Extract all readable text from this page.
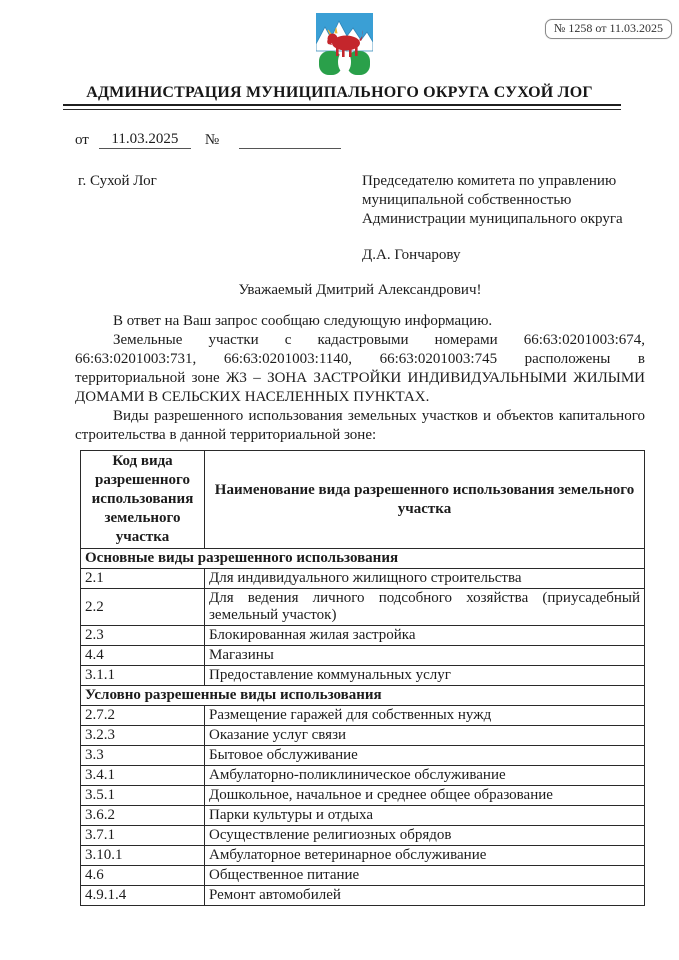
№ 1258 от 11.03.2025
АДМИНИСТРАЦИЯ МУНИЦИПАЛЬНОГО ОКРУГА СУХОЙ ЛОГ
от	11.03.2025	№
г. Сухой Лог	Председателю комитета по управлению
муниципальной собственностью
Администрации муниципального округа
Д.А. Гончарову
Уважаемый Дмитрий Александрович!

В ответ на Ваш запрос сообщаю следующую информацию.

Земельные участки с кадастровыми номерами 66:63:0201003:674, 66:63:0201003:731, 66:63:0201003:1140, 66:63:0201003:745 расположены в территориальной зоне Ж3 – ЗОНА ЗАСТРОЙКИ ИНДИВИДУАЛЬНЫМИ ЖИЛЫМИ ДОМАМИ В СЕЛЬСКИХ НАСЕЛЕННЫХ ПУНКТАХ.

Виды разрешенного использования земельных участков и объектов капитального строительства в данной территориальной зоне:

Код вида разрешенного использования земельного участка	Наименование вида разрешенного использования земельного участка
Основные виды разрешенного использования	
2.1	Для индивидуального жилищного строительства
2.2	Для ведения личного подсобного хозяйства (приусадебный земельный участок)
2.3	Блокированная жилая застройка
4.4	Магазины
3.1.1	Предоставление коммунальных услуг
Условно разрешенные виды использования	
2.7.2	Размещение гаражей для собственных нужд
3.2.3	Оказание услуг связи
3.3	Бытовое обслуживание
3.4.1	Амбулаторно-поликлиническое обслуживание
3.5.1	Дошкольное, начальное и среднее общее образование
3.6.2	Парки культуры и отдыха
3.7.1	Осуществление религиозных обрядов
3.10.1	Амбулаторное ветеринарное обслуживание
4.6	Общественное питание
4.9.1.4	Ремонт автомобилей
